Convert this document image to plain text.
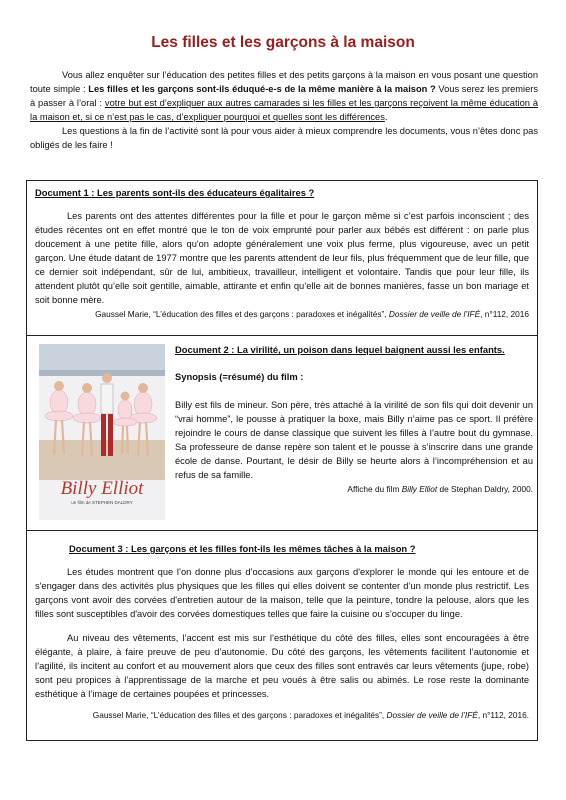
Les filles et les garçons à la maison

Vous allez enquêter sur l’éducation des petites filles et des petits garçons à la maison en vous posant une question toute simple : Les filles et les garçons sont-ils éduqué-e-s de la même manière à la maison ? Vous serez les premiers à passer à l’oral : votre but est d’expliquer aux autres camarades si les filles et les garçons reçoivent la même éducation à la maison et, si ce n’est pas le cas, d’expliquer pourquoi et quelles sont les différences.

Les questions à la fin de l’activité sont là pour vous aider à mieux comprendre les documents, vous n’êtes donc pas obligés de les faire !

Document 1 : Les parents sont-ils des éducateurs égalitaires ?
Les parents ont des attentes différentes pour la fille et pour le garçon même si c’est parfois inconscient ; des études récentes ont en effet montré que le ton de voix emprunté pour parler aux bébés est différent : on parle plus doucement à une petite fille, alors qu'on adopte généralement une voix plus ferme, plus vigoureuse, avec un petit garçon. Une étude datant de 1977 montre que les parents attendent de leur fils, plus fréquemment que de leur fille, que ce dernier soit indépendant, sûr de lui, ambitieux, travailleur, intelligent et volontaire. Tandis que pour leur fille, ils attendent plutôt qu’elle soit gentille, aimable, attirante et enfin qu’elle ait de bonnes manières, fasse un bon mariage et soit bonne mère.
Gaussel Marie, “L’éducation des filles et des garçons : paradoxes et inégalités”, Dossier de veille de l’IFÉ, n°112, 2016
Billy Elliot
un film de STEPHEN DALDRY
Document 2 : La virilité, un poison dans lequel baignent aussi les enfants.
Synopsis (=résumé) du film :
Billy est fils de mineur. Son père, très attaché à la virilité de son fils qui doit devenir un “vrai homme”, le pousse à pratiquer la boxe, mais Billy n’aime pas ce sport. Il préfère rejoindre le cours de danse classique que suivent les filles à l’autre bout du gymnase. Sa professeure de danse repère son talent et le pousse à s’inscrire dans une grande école de danse. Pourtant, le désir de Billy se heurte alors à l’incompréhension et au refus de sa famille.
Affiche du film Billy Elliot de Stephan Daldry, 2000.
Document 3 : Les garçons et les filles font-ils les mêmes tâches à la maison ?
Les études montrent que l’on donne plus d’occasions aux garçons d'explorer le monde qui les entoure et de s'engager dans des activités plus physiques que les filles qui elles doivent se contenter d’un monde plus restrictif. Les garçons vont avoir des corvées d'entretien autour de la maison, telle que la peinture, tondre la pelouse, alors que les filles sont susceptibles d'avoir des corvées domestiques telles que faire la cuisine ou s’occuper du linge.
Au niveau des vêtements, l’accent est mis sur l’esthétique du côté des filles, elles sont encouragées à être élégante, à plaire, à faire preuve de peu d’autonomie. Du côté des garçons, les vêtements facilitent l’autonomie et l’agilité, ils incitent au confort et au mouvement alors que ceux des filles sont entravés car leurs vêtements (jupe, robe) sont peu propices à l’apprentissage de la marche et peu voués à être salis ou abimés. Le rose reste la dominante esthétique à l’image de certaines poupées et princesses.
Gaussel Marie, “L’éducation des filles et des garçons : paradoxes et inégalités”, Dossier de veille de l’IFÉ, n°112, 2016.
